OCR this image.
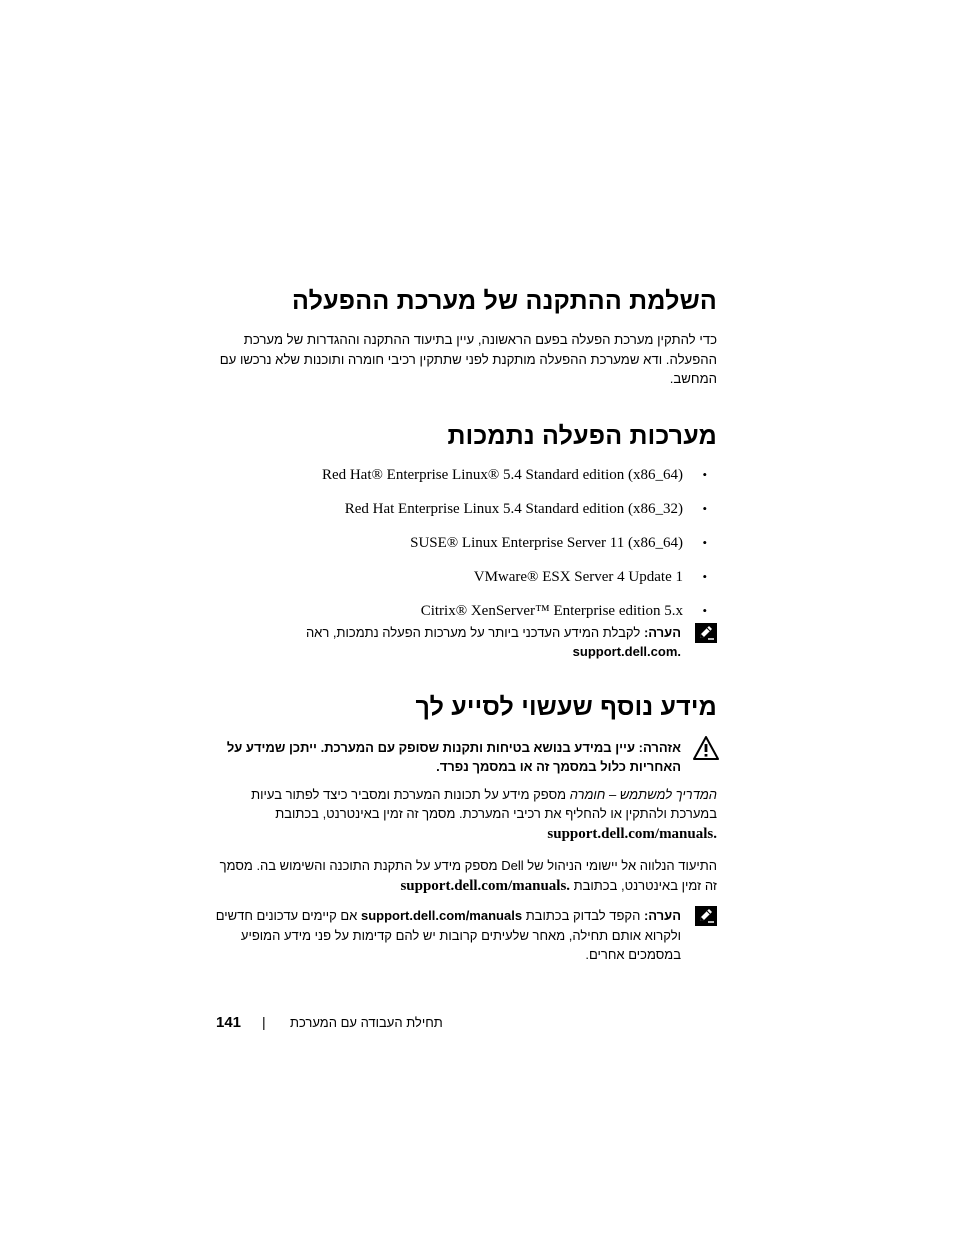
השלמת ההתקנה של מערכת ההפעלה

כדי להתקין מערכת הפעלה בפעם הראשונה, עיין בתיעוד ההתקנה וההגדרות של מערכת ההפעלה. ודא שמערכת ההפעלה מותקנת לפני שתתקין רכיבי חומרה ותוכנות שלא נרכשו עם המחשב.

מערכות הפעלה נתמכות
Red Hat® Enterprise Linux® 5.4 Standard edition (x86_64) •
Red Hat Enterprise Linux 5.4 Standard edition (x86_32) •
SUSE® Linux Enterprise Server 11 (x86_64) •
VMware® ESX Server 4 Update 1 •
Citrix® XenServer™ Enterprise edition 5.x •
הערה: לקבלת המידע העדכני ביותר על מערכות הפעלה נתמכות, ראה
support.dell.com.
מידע נוסף שעשוי לסייע לך
אזהרה: עיין במידע בנושא בטיחות ותקנות שסופק עם המערכת. ייתכן שמידע על האחריות כלול במסמך זה או במסמך נפרד.

המדריך למשתמש – חומרה מספק מידע על תכונות המערכת ומסביר כיצד לפתור בעיות במערכת ולהתקין או להחליף את רכיבי המערכת. מסמך זה זמין באינטרנט, בכתובת
support.dell.com/manuals.

התיעוד הנלווה אל יישומי הניהול של Dell מספק מידע על התקנת התוכנה והשימוש בה. מסמך זה זמין באינטרנט, בכתובת support.dell.com/manuals.

הערה: הקפד לבדוק בכתובת support.dell.com/manuals אם קיימים עדכונים חדשים ולקרוא אותם תחילה, מאחר שלעיתים קרובות יש להם קדימות על פני מידע המופיע במסמכים אחרים.
141 | תחילת העבודה עם המערכת
